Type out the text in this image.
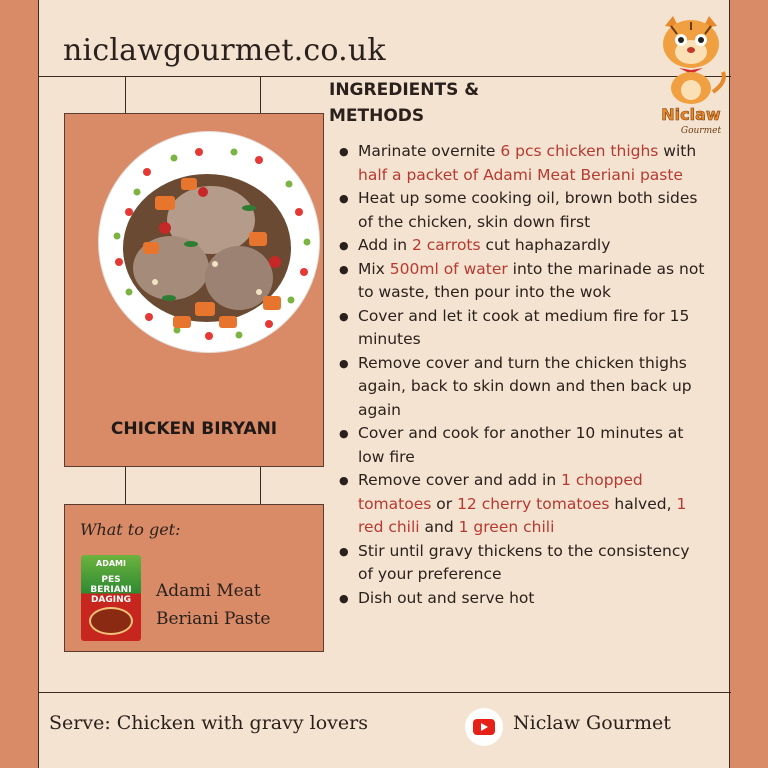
niclawgourmet.co.uk
Niclaw
Gourmet
CHICKEN BIRYANI
What to get:
ADAMI
PES BERIANI DAGING Adami Meat Beriani Paste
INGREDIENTS & METHODS
● Marinate overnite 6 pcs chicken thighs with half a packet of Adami Meat Beriani paste
● Heat up some cooking oil, brown both sides of the chicken, skin down first
● Add in 2 carrots cut haphazardly
● Mix 500ml of water into the marinade as not to waste, then pour into the wok
● Cover and let it cook at medium fire for 15 minutes
● Remove cover and turn the chicken thighs again, back to skin down and then back up again
● Cover and cook for another 10 minutes at low fire
● Remove cover and add in 1 chopped tomatoes or 12 cherry tomatoes halved, 1 red chili and 1 green chili
● Stir until gravy thickens to the consistency of your preference
● Dish out and serve hot
Serve: Chicken with gravy lovers	Niclaw Gourmet
